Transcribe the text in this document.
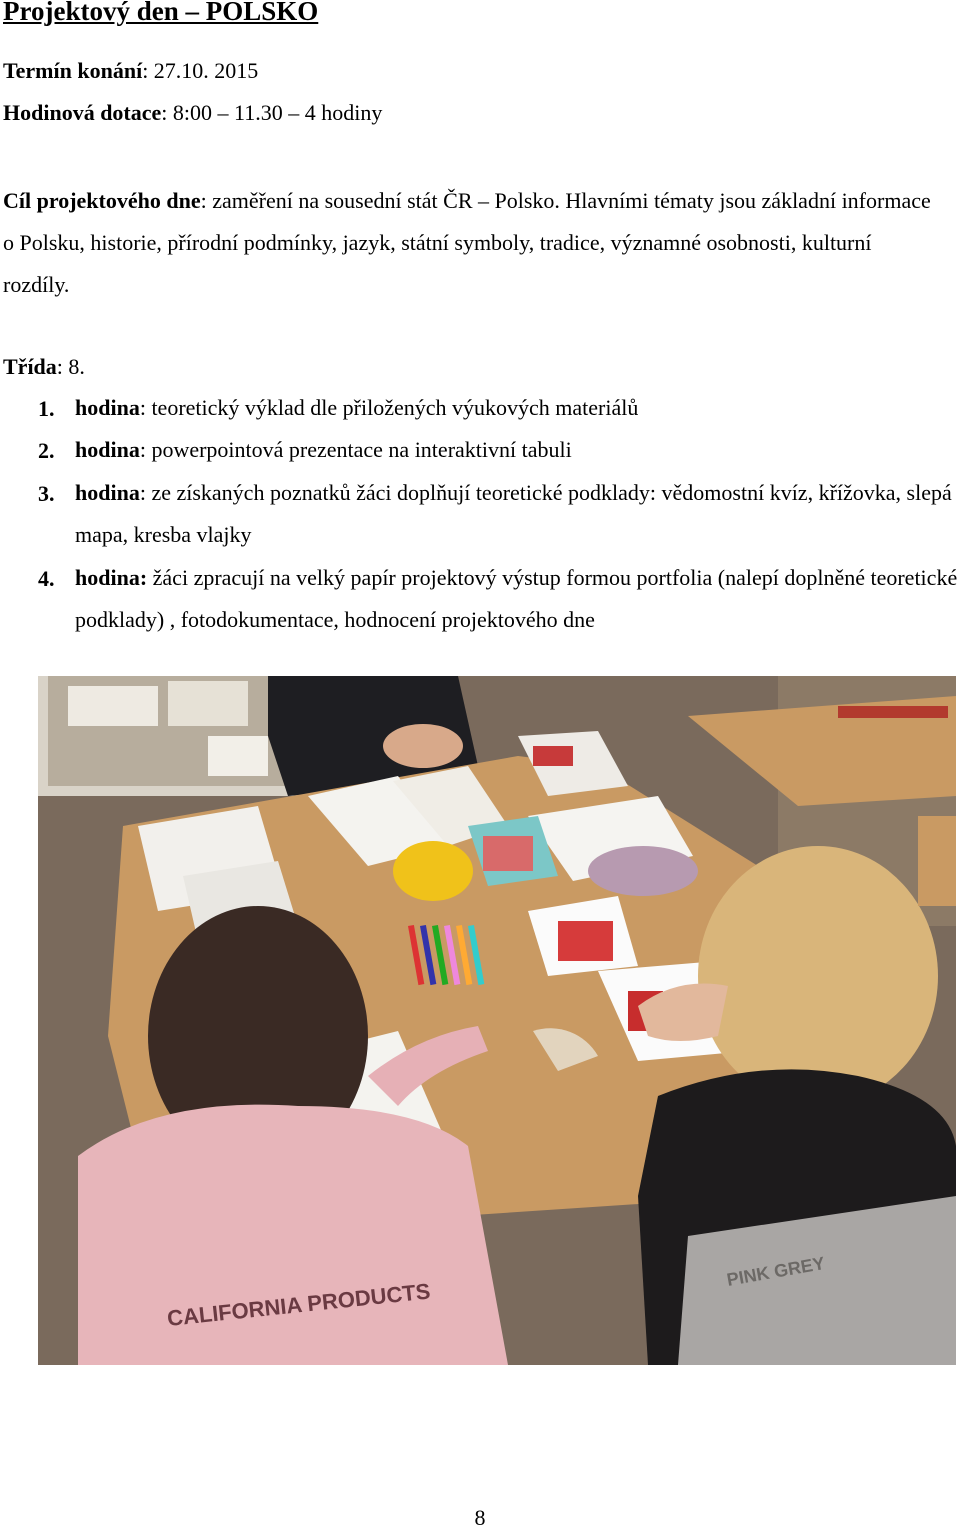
Projektový den – POLSKO
Termín konání: 27.10. 2015
Hodinová dotace: 8:00 – 11.30 – 4 hodiny
Cíl projektového dne: zaměření na sousední stát ČR – Polsko. Hlavními tématy jsou základní informace o Polsku, historie, přírodní podmínky, jazyk, státní symboly, tradice, významné osobnosti, kulturní rozdíly.
Třída: 8.
1. hodina: teoretický výklad dle přiložených výukových materiálů
2. hodina: powerpointová prezentace na interaktivní tabuli
3. hodina: ze získaných poznatků žáci doplňují teoretické podklady: vědomostní kvíz, křížovka, slepá mapa, kresba vlajky
4. hodina: žáci zpracují na velký papír projektový výstup formou portfolia (nalepí doplněné teoretické podklady) , fotodokumentace, hodnocení projektového dne
CALIFORNIA PRODUCTS
PINK GREY
8
